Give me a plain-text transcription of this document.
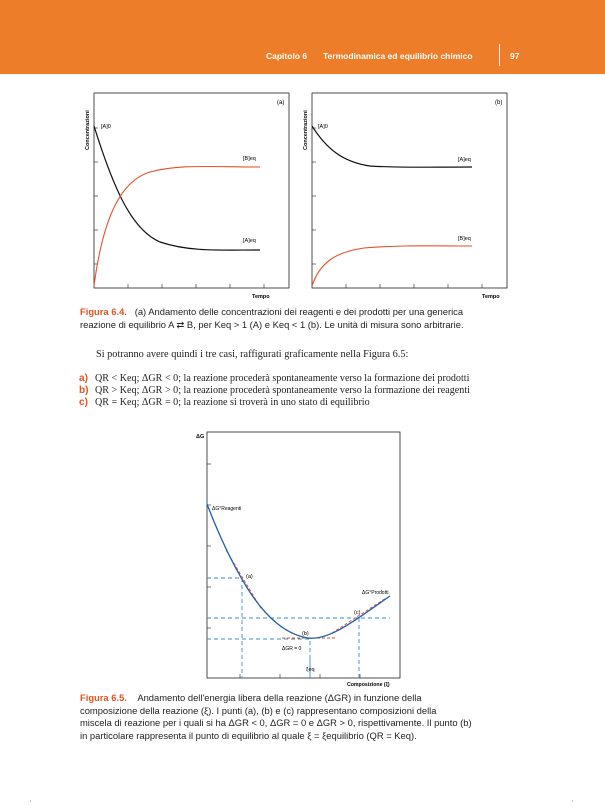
Capitolo 6 Termodinamica ed equilibrio chimico	97
(a)
Concentrazioni
Tempo
[A]0
[B]eq
[A]eq
(b)
Concentrazioni
Tempo
[A]0
[A]eq
[B]eq
Figura 6.4. (a) Andamento delle concentrazioni dei reagenti e dei prodotti per una generica
reazione di equilibrio A ⇄ B, per Keq > 1 (A) e Keq < 1 (b). Le unità di misura sono arbitrarie.
Si potranno avere quindi i tre casi, raffigurati graficamente nella Figura 6.5:
a) QR < Keq; ΔGR < 0; la reazione procederà spontaneamente verso la formazione dei prodotti
b) QR > Keq; ΔGR > 0; la reazione procederà spontaneamente verso la formazione dei reagenti
c) QR = Keq; ΔGR = 0; la reazione si troverà in uno stato di equilibrio
ΔG
Composizione (ξ)
ΔG°Reagenti
ΔG°Prodotti
(a)
(b)
(c)
ΔGR = 0
ξeq
Figura 6.5. Andamento dell'energia libera della reazione (ΔGR) in funzione della
composizione della reazione (ξ). I punti (a), (b) e (c) rappresentano composizioni della
miscela di reazione per i quali si ha ΔGR < 0, ΔGR = 0 e ΔGR > 0, rispettivamente. Il punto (b)
in particolare rappresenta il punto di equilibrio al quale ξ = ξequilibrio (QR = Keq).
'	'
